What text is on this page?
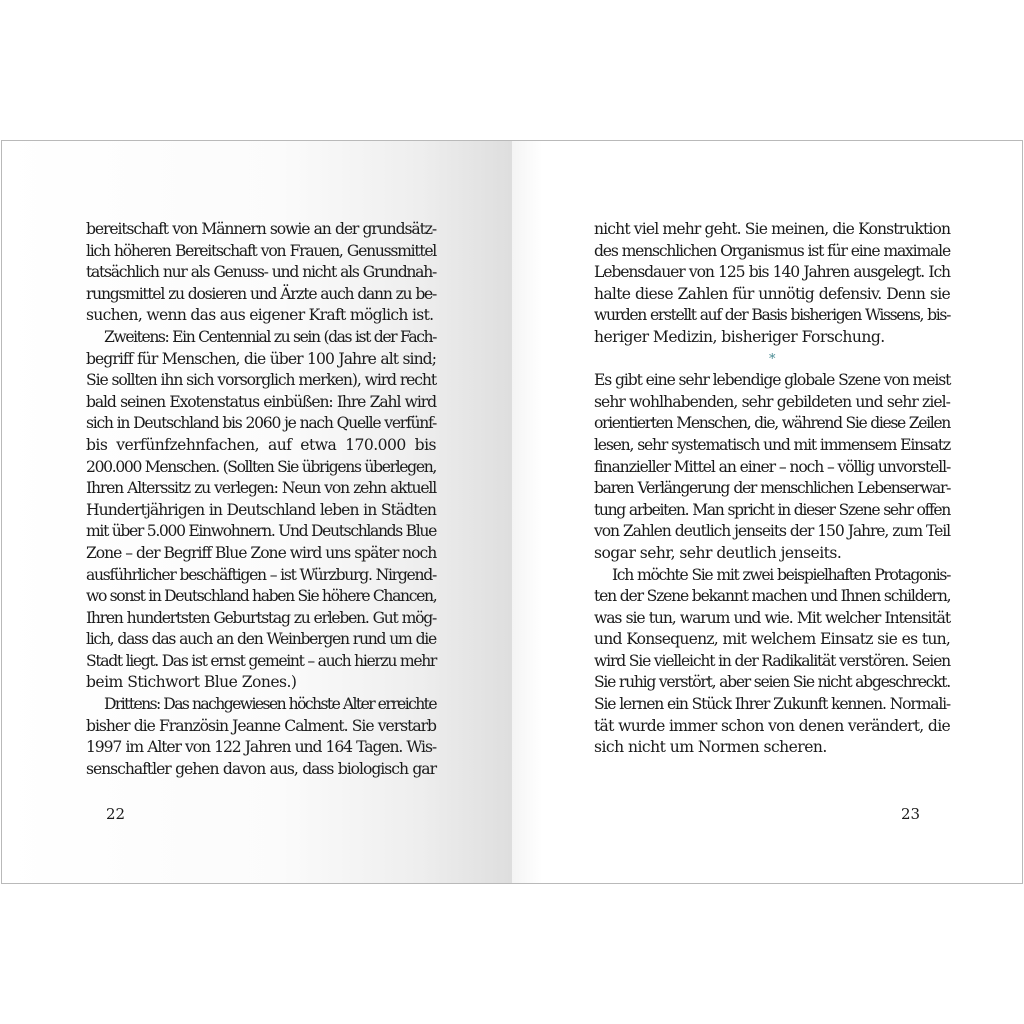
bereitschaft von Männern sowie an der grundsätz-
lich höheren Bereitschaft von Frauen, Genussmittel
tatsächlich nur als Genuss- und nicht als Grundnah-
rungsmittel zu dosieren und Ärzte auch dann zu be-
suchen, wenn das aus eigener Kraft möglich ist.
Zweitens: Ein Centennial zu sein (das ist der Fach-
begriff für Menschen, die über 100 Jahre alt sind;
Sie sollten ihn sich vorsorglich merken), wird recht
bald seinen Exotenstatus einbüßen: Ihre Zahl wird
sich in Deutschland bis 2060 je nach Quelle verfünf-
bis verfünfzehnfachen, auf etwa 170.000 bis
200.000 Menschen. (Sollten Sie übrigens überlegen,
Ihren Alterssitz zu verlegen: Neun von zehn aktuell
Hundertjährigen in Deutschland leben in Städten
mit über 5.000 Einwohnern. Und Deutschlands Blue
Zone – der Begriff Blue Zone wird uns später noch
ausführlicher beschäftigen – ist Würzburg. Nirgend-
wo sonst in Deutschland haben Sie höhere Chancen,
Ihren hundertsten Geburtstag zu erleben. Gut mög-
lich, dass das auch an den Weinbergen rund um die
Stadt liegt. Das ist ernst gemeint – auch hierzu mehr
beim Stichwort Blue Zones.)
Drittens: Das nachgewiesen höchste Alter erreichte
bisher die Französin Jeanne Calment. Sie verstarb
1997 im Alter von 122 Jahren und 164 Tagen. Wis-
senschaftler gehen davon aus, dass biologisch gar
22
nicht viel mehr geht. Sie meinen, die Konstruktion
des menschlichen Organismus ist für eine maximale
Lebensdauer von 125 bis 140 Jahren ausgelegt. Ich
halte diese Zahlen für unnötig defensiv. Denn sie
wurden erstellt auf der Basis bisherigen Wissens, bis-
heriger Medizin, bisheriger Forschung.
*
Es gibt eine sehr lebendige globale Szene von meist
sehr wohlhabenden, sehr gebildeten und sehr ziel-
orientierten Menschen, die, während Sie diese Zeilen
lesen, sehr systematisch und mit immensem Einsatz
finanzieller Mittel an einer – noch – völlig unvorstell-
baren Verlängerung der menschlichen Lebenserwar-
tung arbeiten. Man spricht in dieser Szene sehr offen
von Zahlen deutlich jenseits der 150 Jahre, zum Teil
sogar sehr, sehr deutlich jenseits.
Ich möchte Sie mit zwei beispielhaften Protagonis-
ten der Szene bekannt machen und Ihnen schildern,
was sie tun, warum und wie. Mit welcher Intensität
und Konsequenz, mit welchem Einsatz sie es tun,
wird Sie vielleicht in der Radikalität verstören. Seien
Sie ruhig verstört, aber seien Sie nicht abgeschreckt.
Sie lernen ein Stück Ihrer Zukunft kennen. Normali-
tät wurde immer schon von denen verändert, die
sich nicht um Normen scheren.
23
